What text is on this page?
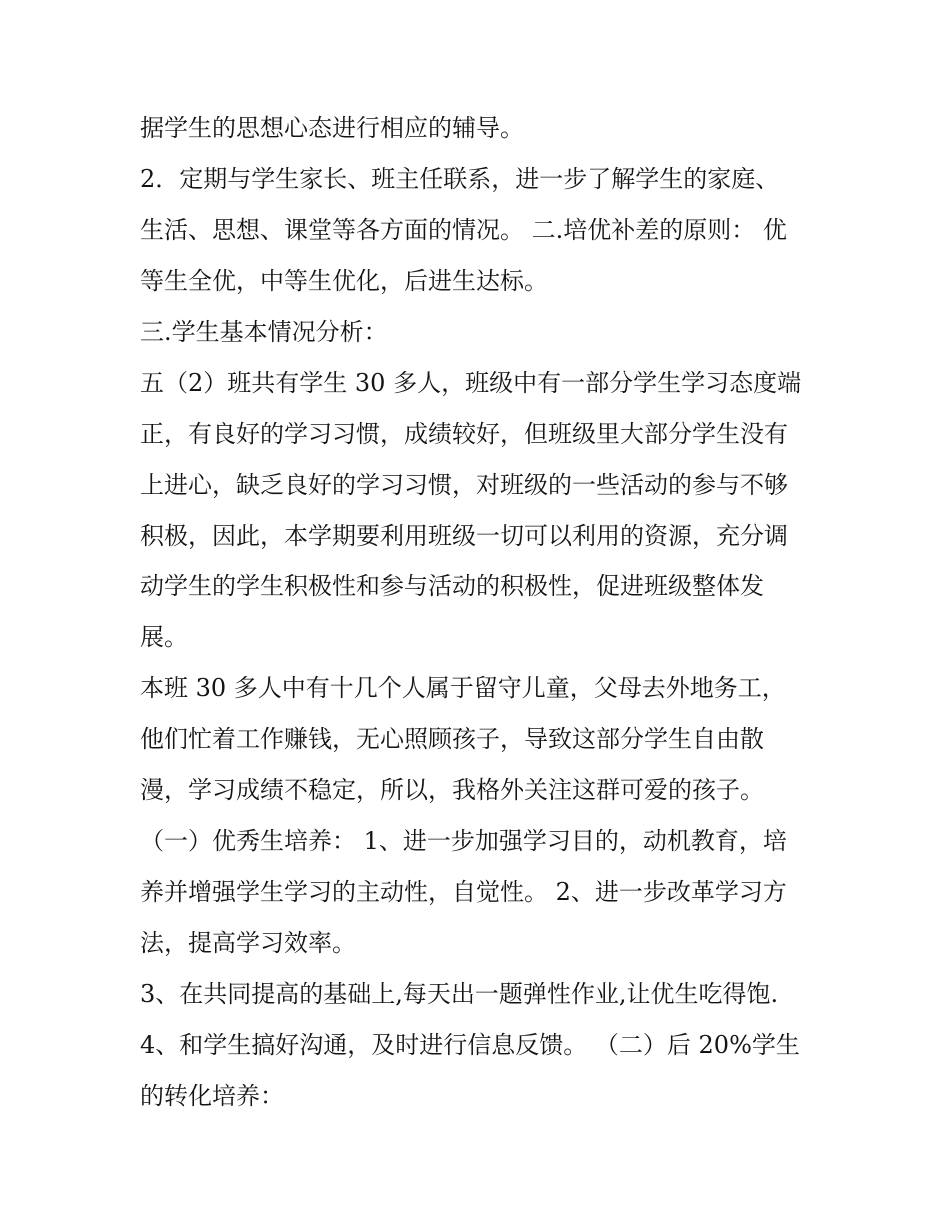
据学生的思想心态进行相应的辅导。
2．定期与学生家长、班主任联系，进一步了解学生的家庭、
生活、思想、课堂等各方面的情况。 二.培优补差的原则： 优
等生全优，中等生优化，后进生达标。
三.学生基本情况分析：
五（2）班共有学生 30 多人，班级中有一部分学生学习态度端
正，有良好的学习习惯，成绩较好，但班级里大部分学生没有
上进心，缺乏良好的学习习惯，对班级的一些活动的参与不够
积极，因此，本学期要利用班级一切可以利用的资源，充分调
动学生的学生积极性和参与活动的积极性，促进班级整体发
展。
本班 30 多人中有十几个人属于留守儿童，父母去外地务工，
他们忙着工作赚钱，无心照顾孩子，导致这部分学生自由散
漫，学习成绩不稳定，所以，我格外关注这群可爱的孩子。
（一）优秀生培养： 1、进一步加强学习目的，动机教育，培
养并增强学生学习的主动性，自觉性。 2、进一步改革学习方
法，提高学习效率。
3、在共同提高的基础上,每天出一题弹性作业,让优生吃得饱.
4、和学生搞好沟通，及时进行信息反馈。 （二）后 20%学生
的转化培养：
